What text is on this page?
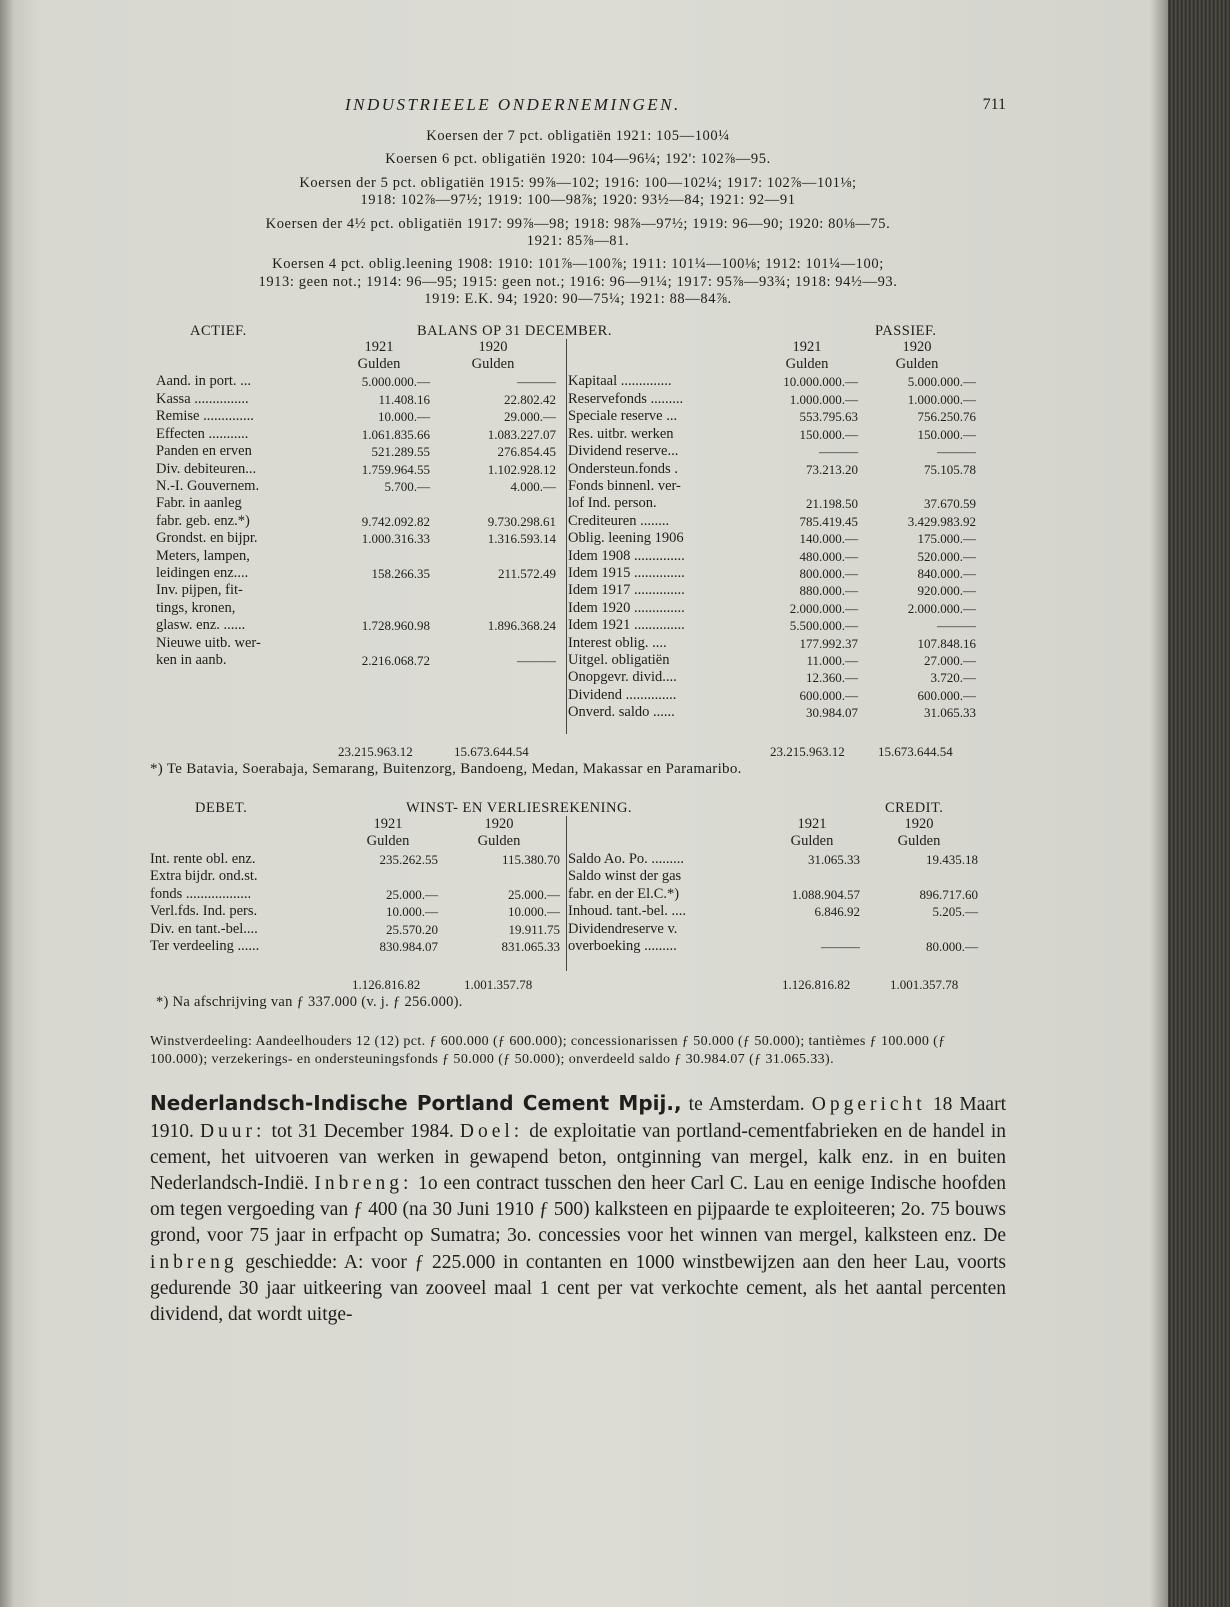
INDUSTRIEELE ONDERNEMINGEN.	711

Koersen der 7 pct. obligatiën 1921: 105—100¼

Koersen 6 pct. obligatiën 1920: 104—96¼; 192': 102⅞—95.

Koersen der 5 pct. obligatiën 1915: 99⅞—102; 1916: 100—102¼; 1917: 102⅞—101⅛;
1918: 102⅞—97½; 1919: 100—98⅞; 1920: 93½—84; 1921: 92—91

Koersen der 4½ pct. obligatiën 1917: 99⅞—98; 1918: 98⅞—97½; 1919: 96—90; 1920: 80⅛—75.
1921: 85⅞—81.

Koersen 4 pct. oblig.leening 1908: 1910: 101⅞—100⅞; 1911: 101¼—100⅛; 1912: 101¼—100;
1913: geen not.; 1914: 96—95; 1915: geen not.; 1916: 96—91¼; 1917: 95⅞—93¾; 1918: 94½—93.
1919: E.K. 94; 1920: 90—75¼; 1921: 88—84⅞.

ACTIEF.	BALANS OP 31 DECEMBER.	PASSIEF.
	1921	1920
	Gulden	Gulden
Aand. in port. ...	5.000.000.—	———
Kassa ...............	11.408.16	22.802.42
Remise ..............	10.000.—	29.000.—
Effecten ...........	1.061.835.66	1.083.227.07
Panden en erven	521.289.55	276.854.45
Div. debiteuren...	1.759.964.55	1.102.928.12
N.-I. Gouvernem.	5.700.—	4.000.—
Fabr. in aanleg		
fabr. geb. enz.*)	9.742.092.82	9.730.298.61
Grondst. en bijpr.	1.000.316.33	1.316.593.14
Meters, lampen,		
leidingen enz....	158.266.35	211.572.49
Inv. pijpen, fit-		
tings, kronen,		
glasw. enz. ......	1.728.960.98	1.896.368.24
Nieuwe uitb. wer-		
ken in aanb.	2.216.068.72	———
	1921	1920
	Gulden	Gulden
Kapitaal ..............	10.000.000.—	5.000.000.—
Reservefonds .........	1.000.000.—	1.000.000.—
Speciale reserve ...	553.795.63	756.250.76
Res. uitbr. werken	150.000.—	150.000.—
Dividend reserve...	———	———
Ondersteun.fonds .	73.213.20	75.105.78
Fonds binnenl. ver-		
lof Ind. person.	21.198.50	37.670.59
Crediteuren ........	785.419.45	3.429.983.92
Oblig. leening 1906	140.000.—	175.000.—
Idem 1908 ..............	480.000.—	520.000.—
Idem 1915 ..............	800.000.—	840.000.—
Idem 1917 ..............	880.000.—	920.000.—
Idem 1920 ..............	2.000.000.—	2.000.000.—
Idem 1921 ..............	5.500.000.—	———
Interest oblig. ....	177.992.37	107.848.16
Uitgel. obligatiën	11.000.—	27.000.—
Onopgevr. divid....	12.360.—	3.720.—
Dividend ..............	600.000.—	600.000.—
Onverd. saldo ......	30.984.07	31.065.33
23.215.963.12	15.673.644.54	23.215.963.12	15.673.644.54

*) Te Batavia, Soerabaja, Semarang, Buitenzorg, Bandoeng, Medan, Makassar en Paramaribo.

DEBET.	WINST- EN VERLIESREKENING.	CREDIT.
	1921	1920
	Gulden	Gulden
Int. rente obl. enz.	235.262.55	115.380.70
Extra bijdr. ond.st.		
fonds ..................	25.000.—	25.000.—
Verl.fds. Ind. pers.	10.000.—	10.000.—
Div. en tant.-bel....	25.570.20	19.911.75
Ter verdeeling ......	830.984.07	831.065.33
	1921	1920
	Gulden	Gulden
Saldo Ao. Po. .........	31.065.33	19.435.18
Saldo winst der gas		
fabr. en der El.C.*)	1.088.904.57	896.717.60
Inhoud. tant.-bel. ....	6.846.92	5.205.—
Dividendreserve v.		
overboeking .........	———	80.000.—
1.126.816.82	1.001.357.78	1.126.816.82	1.001.357.78

*) Na afschrijving van ƒ 337.000 (v. j. ƒ 256.000).

Winstverdeeling: Aandeelhouders 12 (12) pct. ƒ 600.000 (ƒ 600.000); concessionarissen ƒ 50.000 (ƒ 50.000); tantièmes ƒ 100.000 (ƒ 100.000); verzekerings- en ondersteuningsfonds ƒ 50.000 (ƒ 50.000); onverdeeld saldo ƒ 30.984.07 (ƒ 31.065.33).

Nederlandsch-Indische Portland Cement Mpij., te Amsterdam. Opgericht 18 Maart 1910. Duur: tot 31 December 1984. Doel: de exploitatie van portland-cementfabrieken en de handel in cement, het uitvoeren van werken in gewapend beton, ontginning van mergel, kalk enz. in en buiten Nederlandsch-Indië. Inbreng: 1o een contract tusschen den heer Carl C. Lau en eenige Indische hoofden om tegen vergoeding van ƒ 400 (na 30 Juni 1910 ƒ 500) kalksteen en pijpaarde te exploiteeren; 2o. 75 bouws grond, voor 75 jaar in erfpacht op Sumatra; 3o. concessies voor het winnen van mergel, kalksteen enz. De inbreng geschiedde: A: voor ƒ 225.000 in contanten en 1000 winstbewijzen aan den heer Lau, voorts gedurende 30 jaar uitkeering van zooveel maal 1 cent per vat verkochte cement, als het aantal percenten dividend, dat wordt uitge-
